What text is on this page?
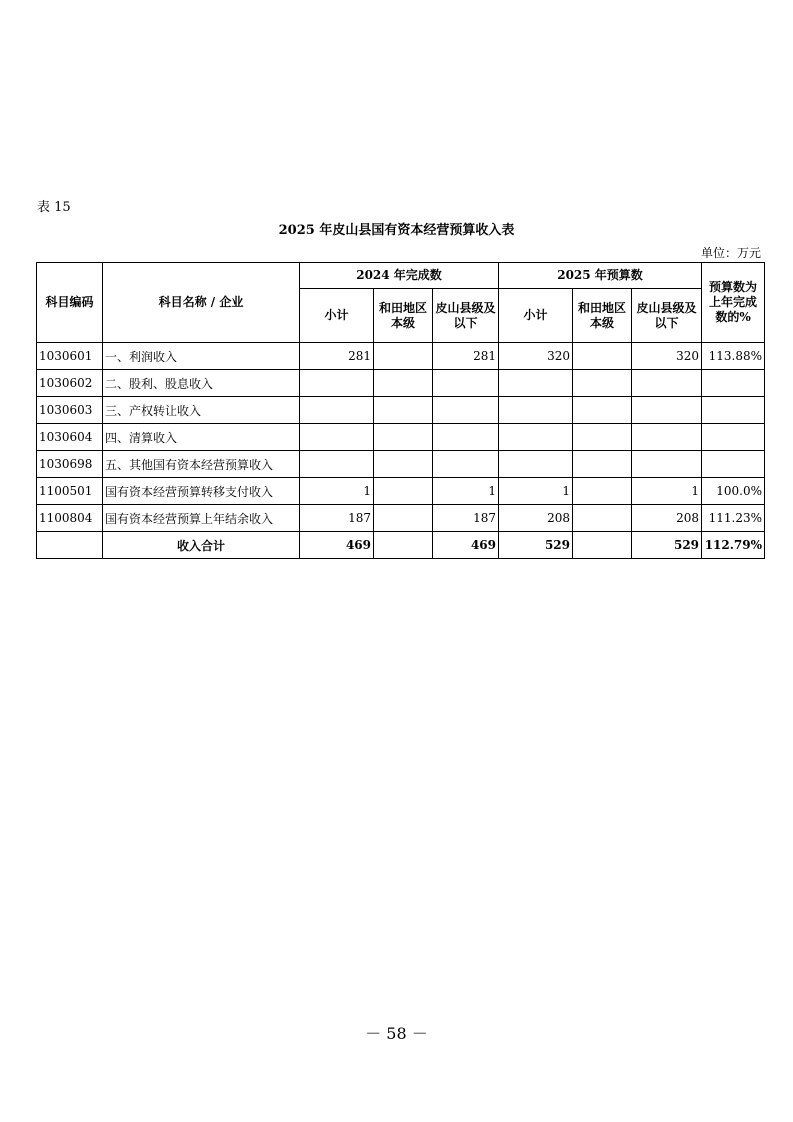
表 15
2025 年皮山县国有资本经营预算收入表
单位：万元
科目编码	科目名称 / 企业	2024 年完成数			2025 年预算数			预算数为上年完成数的%
		小计	和田地区本级	皮山县级及以下	小计	和田地区本级	皮山县级及以下	
1030601	一、利润收入	281		281	320		320	113.88%
1030602	二、股利、股息收入							
1030603	三、产权转让收入							
1030604	四、清算收入							
1030698	五、其他国有资本经营预算收入							
1100501	国有资本经营预算转移支付收入	1		1	1		1	100.0%
1100804	国有资本经营预算上年结余收入	187		187	208		208	111.23%
	收入合计	469		469	529		529	112.79%
－ 58 －
